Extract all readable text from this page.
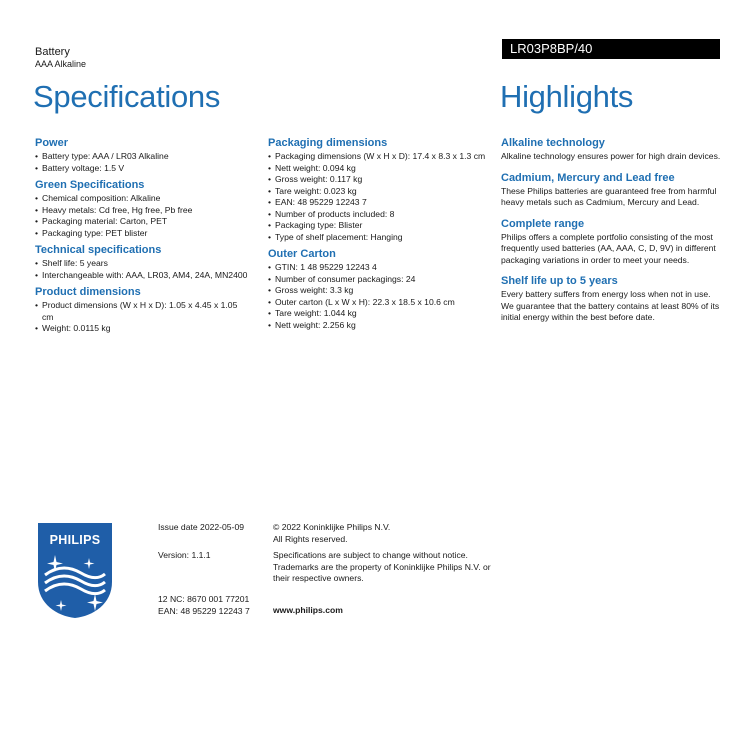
Battery
AAA Alkaline
LR03P8BP/40
Specifications	Highlights
Power
• Battery type: AAA / LR03 Alkaline
• Battery voltage: 1.5 V
Green Specifications
• Chemical composition: Alkaline
• Heavy metals: Cd free, Hg free, Pb free
• Packaging material: Carton, PET
• Packaging type: PET blister
Technical specifications
• Shelf life: 5 years
• Interchangeable with: AAA, LR03, AM4, 24A, MN2400
Product dimensions
• Product dimensions (W x H x D): 1.05 x 4.45 x 1.05 cm
• Weight: 0.0115 kg
Packaging dimensions
• Packaging dimensions (W x H x D): 17.4 x 8.3 x 1.3 cm
• Nett weight: 0.094 kg
• Gross weight: 0.117 kg
• Tare weight: 0.023 kg
• EAN: 48 95229 12243 7
• Number of products included: 8
• Packaging type: Blister
• Type of shelf placement: Hanging
Outer Carton
• GTIN: 1 48 95229 12243 4
• Number of consumer packagings: 24
• Gross weight: 3.3 kg
• Outer carton (L x W x H): 22.3 x 18.5 x 10.6 cm
• Tare weight: 1.044 kg
• Nett weight: 2.256 kg
Alkaline technology
Alkaline technology ensures power for high drain devices.
Cadmium, Mercury and Lead free
These Philips batteries are guaranteed free from harmful heavy metals such as Cadmium, Mercury and Lead.
Complete range
Philips offers a complete portfolio consisting of the most frequently used batteries (AA, AAA, C, D, 9V) in different packaging variations in order to meet your needs.
Shelf life up to 5 years
Every battery suffers from energy loss when not in use. We guarantee that the battery contains at least 80% of its initial energy within the best before date.
PHILIPS
Issue date 2022-05-09
Version: 1.1.1
12 NC: 8670 001 77201
EAN: 48 95229 12243 7
© 2022 Koninklijke Philips N.V.
All Rights reserved.
Specifications are subject to change without notice. Trademarks are the property of Koninklijke Philips N.V. or their respective owners.
www.philips.com
